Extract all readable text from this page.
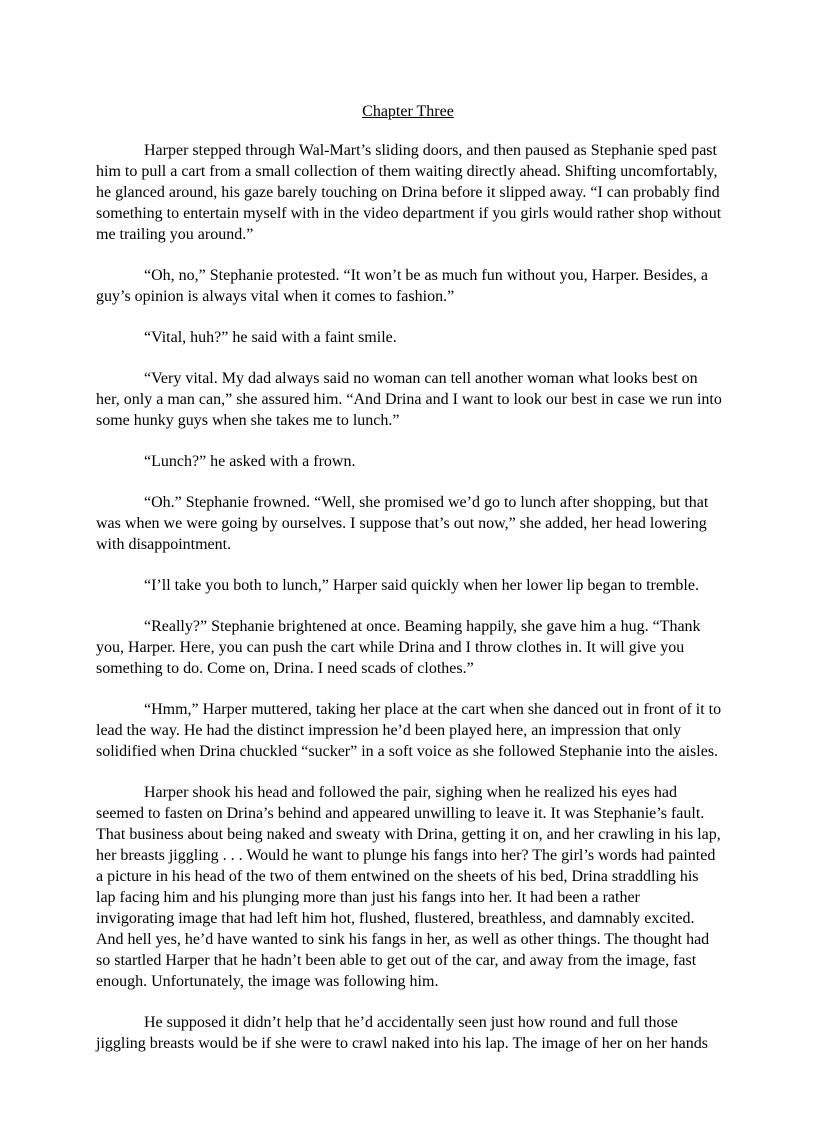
Chapter Three

Harper stepped through Wal-Mart’s sliding doors, and then paused as Stephanie sped past him to pull a cart from a small collection of them waiting directly ahead. Shifting uncomfortably, he glanced around, his gaze barely touching on Drina before it slipped away. “I can probably find something to entertain myself with in the video department if you girls would rather shop without me trailing you around.”

“Oh, no,” Stephanie protested. “It won’t be as much fun without you, Harper. Besides, a guy’s opinion is always vital when it comes to fashion.”

“Vital, huh?” he said with a faint smile.

“Very vital. My dad always said no woman can tell another woman what looks best on her, only a man can,” she assured him. “And Drina and I want to look our best in case we run into some hunky guys when she takes me to lunch.”

“Lunch?” he asked with a frown.

“Oh.” Stephanie frowned. “Well, she promised we’d go to lunch after shopping, but that was when we were going by ourselves. I suppose that’s out now,” she added, her head lowering with disappointment.

“I’ll take you both to lunch,” Harper said quickly when her lower lip began to tremble.

“Really?” Stephanie brightened at once. Beaming happily, she gave him a hug. “Thank you, Harper. Here, you can push the cart while Drina and I throw clothes in. It will give you something to do. Come on, Drina. I need scads of clothes.”

“Hmm,” Harper muttered, taking her place at the cart when she danced out in front of it to lead the way. He had the distinct impression he’d been played here, an impression that only solidified when Drina chuckled “sucker” in a soft voice as she followed Stephanie into the aisles.

Harper shook his head and followed the pair, sighing when he realized his eyes had seemed to fasten on Drina’s behind and appeared unwilling to leave it. It was Stephanie’s fault. That business about being naked and sweaty with Drina, getting it on, and her crawling in his lap, her breasts jiggling . . . Would he want to plunge his fangs into her? The girl’s words had painted a picture in his head of the two of them entwined on the sheets of his bed, Drina straddling his lap facing him and his plunging more than just his fangs into her. It had been a rather invigorating image that had left him hot, flushed, flustered, breathless, and damnably excited. And hell yes, he’d have wanted to sink his fangs in her, as well as other things. The thought had so startled Harper that he hadn’t been able to get out of the car, and away from the image, fast enough. Unfortunately, the image was following him.

He supposed it didn’t help that he’d accidentally seen just how round and full those jiggling breasts would be if she were to crawl naked into his lap. The image of her on her hands
